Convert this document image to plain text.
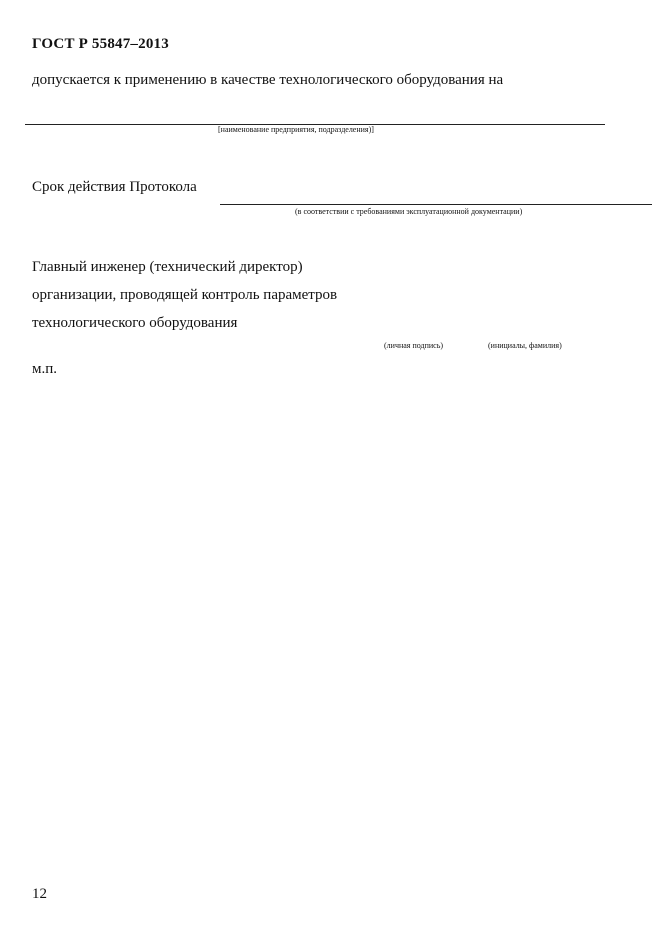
ГОСТ Р 55847–2013
допускается к применению в качестве технологического оборудования на
[наименование предприятия, подразделения)]
Срок действия Протокола
(в соответствии с требованиями эксплуатационной документации)
Главный инженер (технический директор)
организации, проводящей контроль параметров
технологического оборудования
(личная подпись)	(инициалы, фамилия)
м.п.
12
